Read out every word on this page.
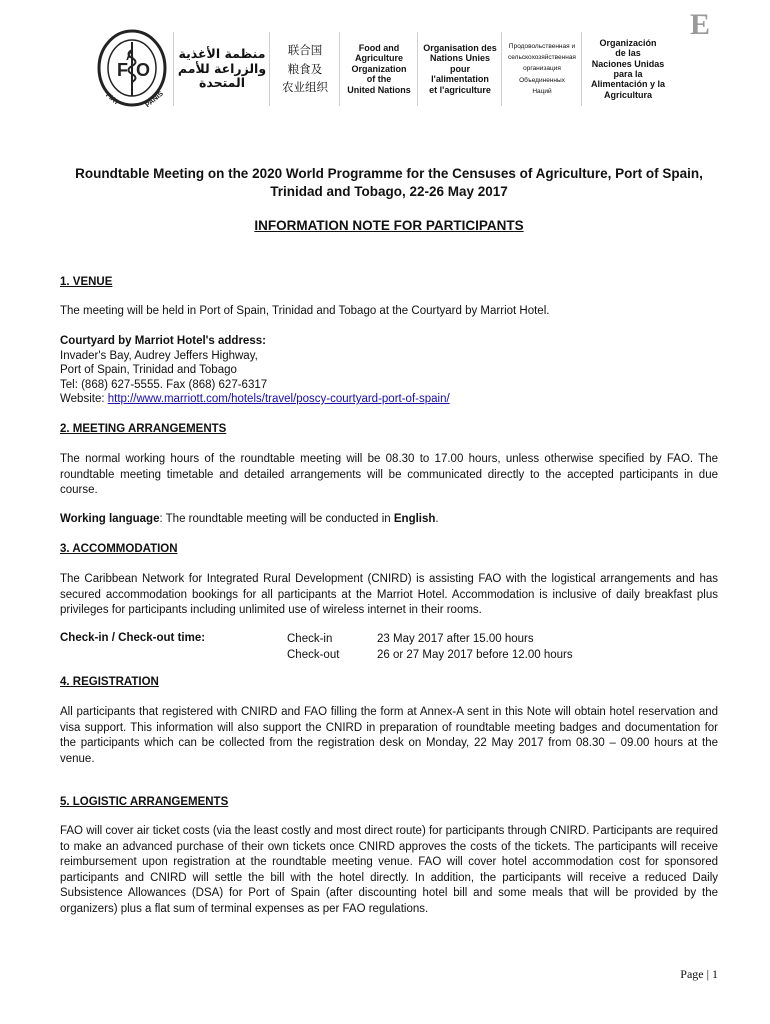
E
F O
A
FIAT	PANIS
منظمة الأغذية
والزراعة للأمم
المتحدة
联合国
粮食及
农业组织
Food and
Agriculture
Organization
of the
United Nations
Organisation des
Nations Unies
pour
l'alimentation
et l'agriculture
Продовольственная и
сельскохозяйственная
организация
Объединенных
Наций
Organización
de las
Naciones Unidas
para la
Alimentación y la
Agricultura
Roundtable Meeting on the 2020 World Programme for the Censuses of Agriculture, Port of Spain, Trinidad and Tobago, 22-26 May 2017
INFORMATION NOTE FOR PARTICIPANTS
1. VENUE
The meeting will be held in Port of Spain, Trinidad and Tobago at the Courtyard by Marriot Hotel.
Courtyard by Marriot Hotel's address:
Invader's Bay, Audrey Jeffers Highway,
Port of Spain, Trinidad and Tobago
Tel: (868) 627-5555. Fax (868) 627-6317
Website: http://www.marriott.com/hotels/travel/poscy-courtyard-port-of-spain/
2. MEETING ARRANGEMENTS
The normal working hours of the roundtable meeting will be 08.30 to 17.00 hours, unless otherwise specified by FAO. The roundtable meeting timetable and detailed arrangements will be communicated directly to the accepted participants in due course.
Working language: The roundtable meeting will be conducted in English.
3. ACCOMMODATION
The Caribbean Network for Integrated Rural Development (CNIRD) is assisting FAO with the logistical arrangements and has secured accommodation bookings for all participants at the Marriot Hotel. Accommodation is inclusive of daily breakfast plus privileges for participants including unlimited use of wireless internet in their rooms.
Check-in / Check-out time:	Check-in	23 May 2017 after 15.00 hours
Check-out	26 or 27 May 2017 before 12.00 hours
4. REGISTRATION
All participants that registered with CNIRD and FAO filling the form at Annex-A sent in this Note will obtain hotel reservation and visa support. This information will also support the CNIRD in preparation of roundtable meeting badges and documentation for the participants which can be collected from the registration desk on Monday, 22 May 2017 from 08.30 – 09.00 hours at the venue.
5. LOGISTIC ARRANGEMENTS
FAO will cover air ticket costs (via the least costly and most direct route) for participants through CNIRD. Participants are required to make an advanced purchase of their own tickets once CNIRD approves the costs of the tickets. The participants will receive reimbursement upon registration at the roundtable meeting venue. FAO will cover hotel accommodation cost for sponsored participants and CNIRD will settle the bill with the hotel directly. In addition, the participants will receive a reduced Daily Subsistence Allowances (DSA) for Port of Spain (after discounting hotel bill and some meals that will be provided by the organizers) plus a flat sum of terminal expenses as per FAO regulations.
Page | 1
